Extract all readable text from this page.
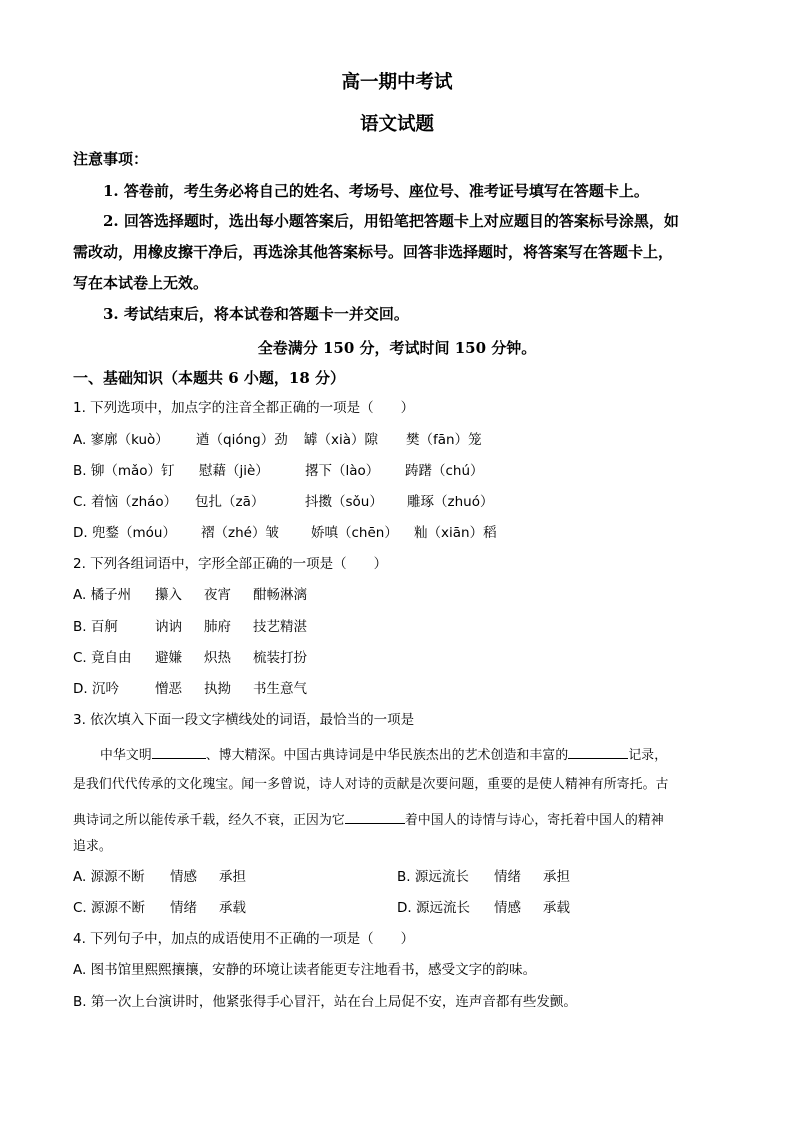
高一期中考试
语文试题
注意事项：
1. 答卷前，考生务必将自己的姓名、考场号、座位号、准考证号填写在答题卡上。
2. 回答选择题时，选出每小题答案后，用铅笔把答题卡上对应题目的答案标号涂黑，如
需改动，用橡皮擦干净后，再选涂其他答案标号。回答非选择题时，将答案写在答题卡上，
写在本试卷上无效。
3. 考试结束后，将本试卷和答题卡一并交回。
全卷满分 150 分，考试时间 150 分钟。
一、基础知识（本题共 6 小题，18 分）
1. 下列选项中，加点字的注音全都正确的一项是（　　）
A. 寥廓（kuò） 遒（qióng）劲 罅（xià）隙 樊（fān）笼
B. 铆（mǎo）钉 慰藉（jiè）	撂下（lào） 踌躇（chú）
C. 着恼（zháo） 包扎（zā）	抖擞（sǒu） 雕琢（zhuó）
D. 兜鍪（móu） 褶（zhé）皱 娇嗔（chēn） 籼（xiān）稻
2. 下列各组词语中，字形全部正确的一项是（　　）
A. 橘子州 攥入 夜宵 酣畅淋漓
B. 百舸	讷讷 肺府 技艺精湛
C. 竟自由 避嫌 炽热 梳装打扮
D. 沉吟	憎恶 执拗 书生意气
3. 依次填入下面一段文字横线处的词语，最恰当的一项是
中华文明	、博大精深。中国古典诗词是中华民族杰出的艺术创造和丰富的	记录，
是我们代代传承的文化瑰宝。闻一多曾说，诗人对诗的贡献是次要问题，重要的是使人精神有所寄托。古
典诗词之所以能传承千载，经久不衰，正因为它	着中国人的诗情与诗心，寄托着中国人的精神
追求。
A. 源源不断 情感 承担	B. 源远流长 情绪 承担
C. 源源不断 情绪 承载	D. 源远流长 情感 承载
4. 下列句子中，加点的成语使用不正确的一项是（　　）
A. 图书馆里熙熙攘攘，安静的环境让读者能更专注地看书，感受文字的韵味。
B. 第一次上台演讲时，他紧张得手心冒汗，站在台上局促不安，连声音都有些发颤。
